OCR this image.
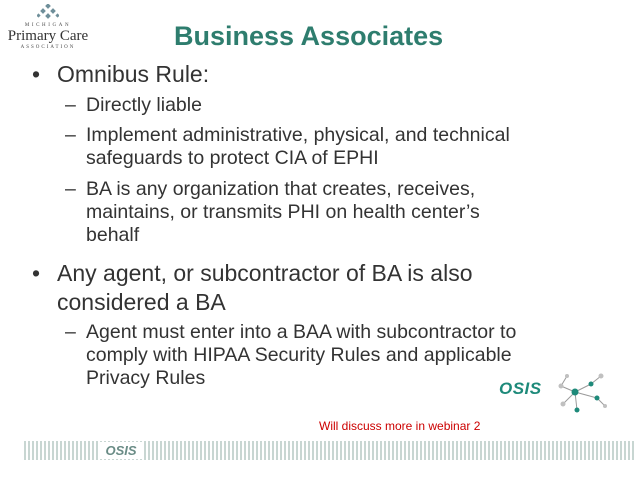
MICHIGAN
Primary Care
ASSOCIATION	Business Associates
• Omnibus Rule:
– Directly liable
– Implement administrative, physical, and technical
safeguards to protect CIA of EPHI
– BA is any organization that creates, receives,
maintains, or transmits PHI on health center’s
behalf
• Any agent, or subcontractor of BA is also
considered a BA
– Agent must enter into a BAA with subcontractor to
comply with HIPAA Security Rules and applicable
Privacy Rules	OSIS
Will discuss more in webinar 2
OSIS
